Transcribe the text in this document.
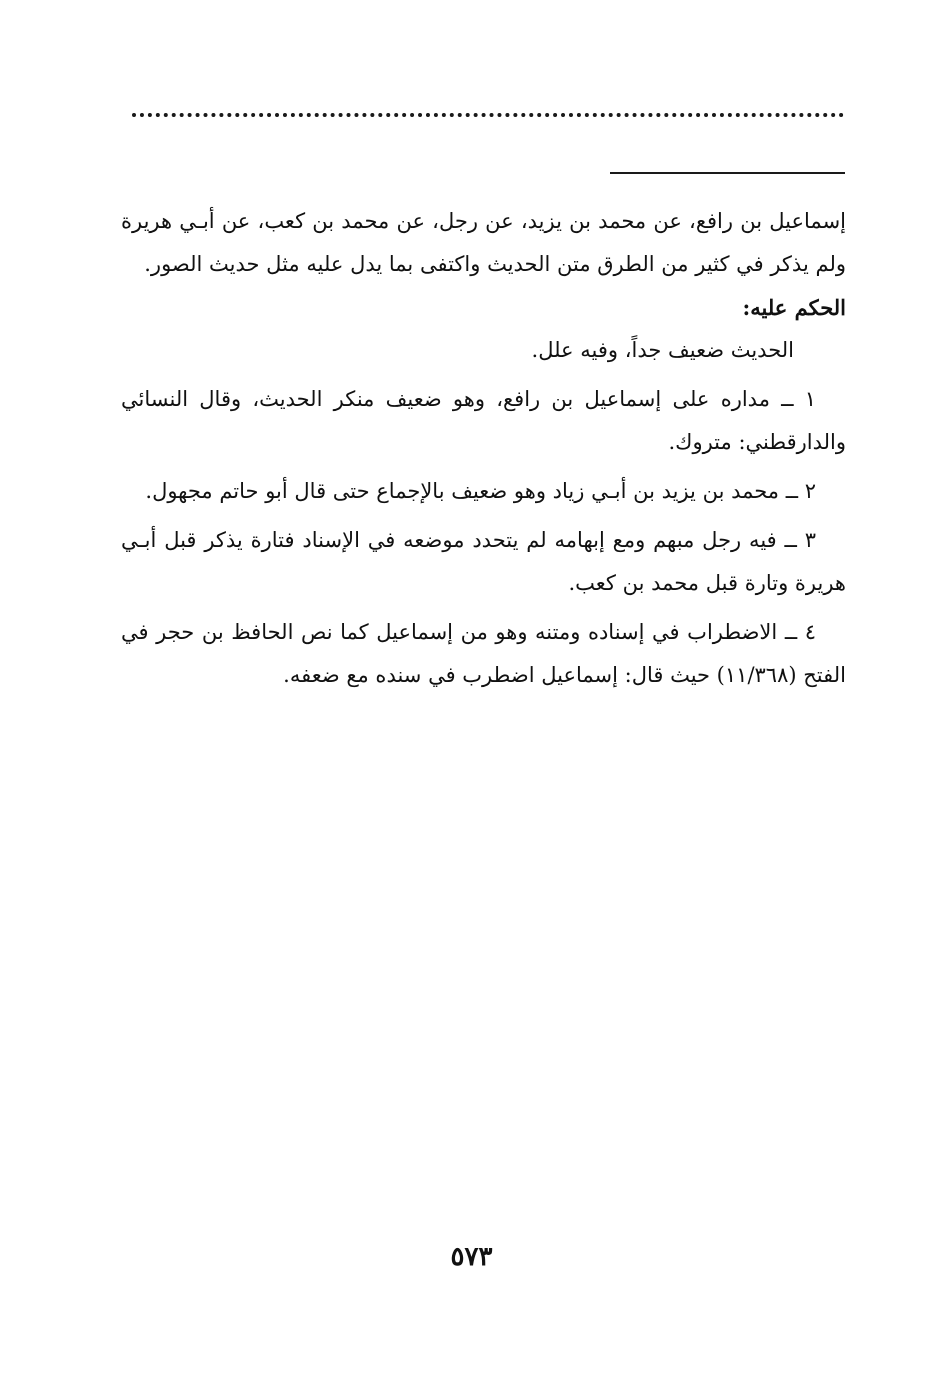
إسماعيل بن رافع، عن محمد بن يزيد، عن رجل، عن محمد بن كعب، عن أبـي هريرة ولم يذكر في كثير من الطرق متن الحديث واكتفى بما يدل عليه مثل حديث الصور.

الحكم عليه:

الحديث ضعيف جداً، وفيه علل.

١ ــ مداره على إسماعيل بن رافع، وهو ضعيف منكر الحديث، وقال النسائي والدارقطني: متروك.

٢ ــ محمد بن يزيد بن أبـي زياد وهو ضعيف بالإجماع حتى قال أبو حاتم مجهول.

٣ ــ فيه رجل مبهم ومع إبهامه لم يتحدد موضعه في الإسناد فتارة يذكر قبل أبـي هريرة وتارة قبل محمد بن كعب.

٤ ــ الاضطراب في إسناده ومتنه وهو من إسماعيل كما نص الحافظ بن حجر في الفتح (١١/٣٦٨) حيث قال: إسماعيل اضطرب في سنده مع ضعفه.

٥٧٣
